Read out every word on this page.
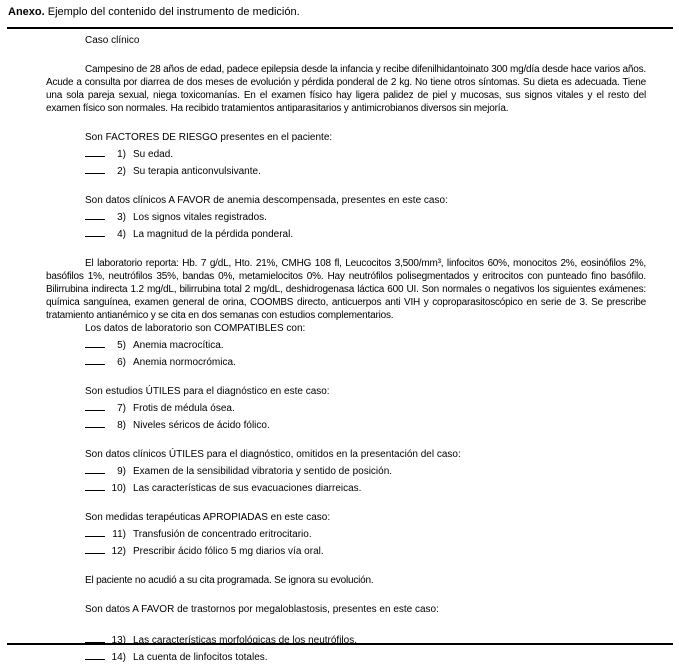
Anexo. Ejemplo del contenido del instrumento de medición.
Caso clínico
Campesino de 28 años de edad, padece epilepsia desde la infancia y recibe difenilhidantoinato 300 mg/día desde hace varios años. Acude a consulta por diarrea de dos meses de evolución y pérdida ponderal de 2 kg. No tiene otros síntomas. Su dieta es adecuada. Tiene una sola pareja sexual, niega toxicomanías. En el examen físico hay ligera palidez de piel y mucosas, sus signos vitales y el resto del examen físico son normales. Ha recibido tratamientos antiparasitarios y antimicrobianos diversos sin mejoría.
Son FACTORES DE RIESGO presentes en el paciente:
1) Su edad.
2) Su terapia anticonvulsivante.
Son datos clínicos A FAVOR de anemia descompensada, presentes en este caso:
3) Los signos vitales registrados.
4) La magnitud de la pérdida ponderal.
El laboratorio reporta: Hb. 7 g/dL, Hto. 21%, CMHG 108 fl, Leucocitos 3,500/mm³, linfocitos 60%, monocitos 2%, eosinófilos 2%, basófilos 1%, neutrófilos 35%, bandas 0%, metamielocitos 0%. Hay neutrófilos polisegmentados y eritrocitos con punteado fino basófilo. Bilirrubina indirecta 1.2 mg/dL, bilirrubina total 2 mg/dL, deshidrogenasa láctica 600 UI. Son normales o negativos los siguientes exámenes: química sanguínea, examen general de orina, COOMBS directo, anticuerpos anti VIH y coproparasitoscópico en serie de 3. Se prescribe tratamiento antianémico y se cita en dos semanas con estudios complementarios.
Los datos de laboratorio son COMPATIBLES con:
5) Anemia macrocítica.
6) Anemia normocrómica.
Son estudios ÚTILES para el diagnóstico en este caso:
7) Frotis de médula ósea.
8) Niveles séricos de ácido fólico.
Son datos clínicos ÚTILES para el diagnóstico, omitidos en la presentación del caso:
9) Examen de la sensibilidad vibratoria y sentido de posición.
10) Las características de sus evacuaciones diarreicas.
Son medidas terapéuticas APROPIADAS en este caso:
11) Transfusión de concentrado eritrocitario.
12) Prescribir ácido fólico 5 mg diarios vía oral.
El paciente no acudió a su cita programada. Se ignora su evolución.
Son datos A FAVOR de trastornos por megaloblastosis, presentes en este caso:
13) Las características morfológicas de los neutrófilos.
14) La cuenta de linfocitos totales.
